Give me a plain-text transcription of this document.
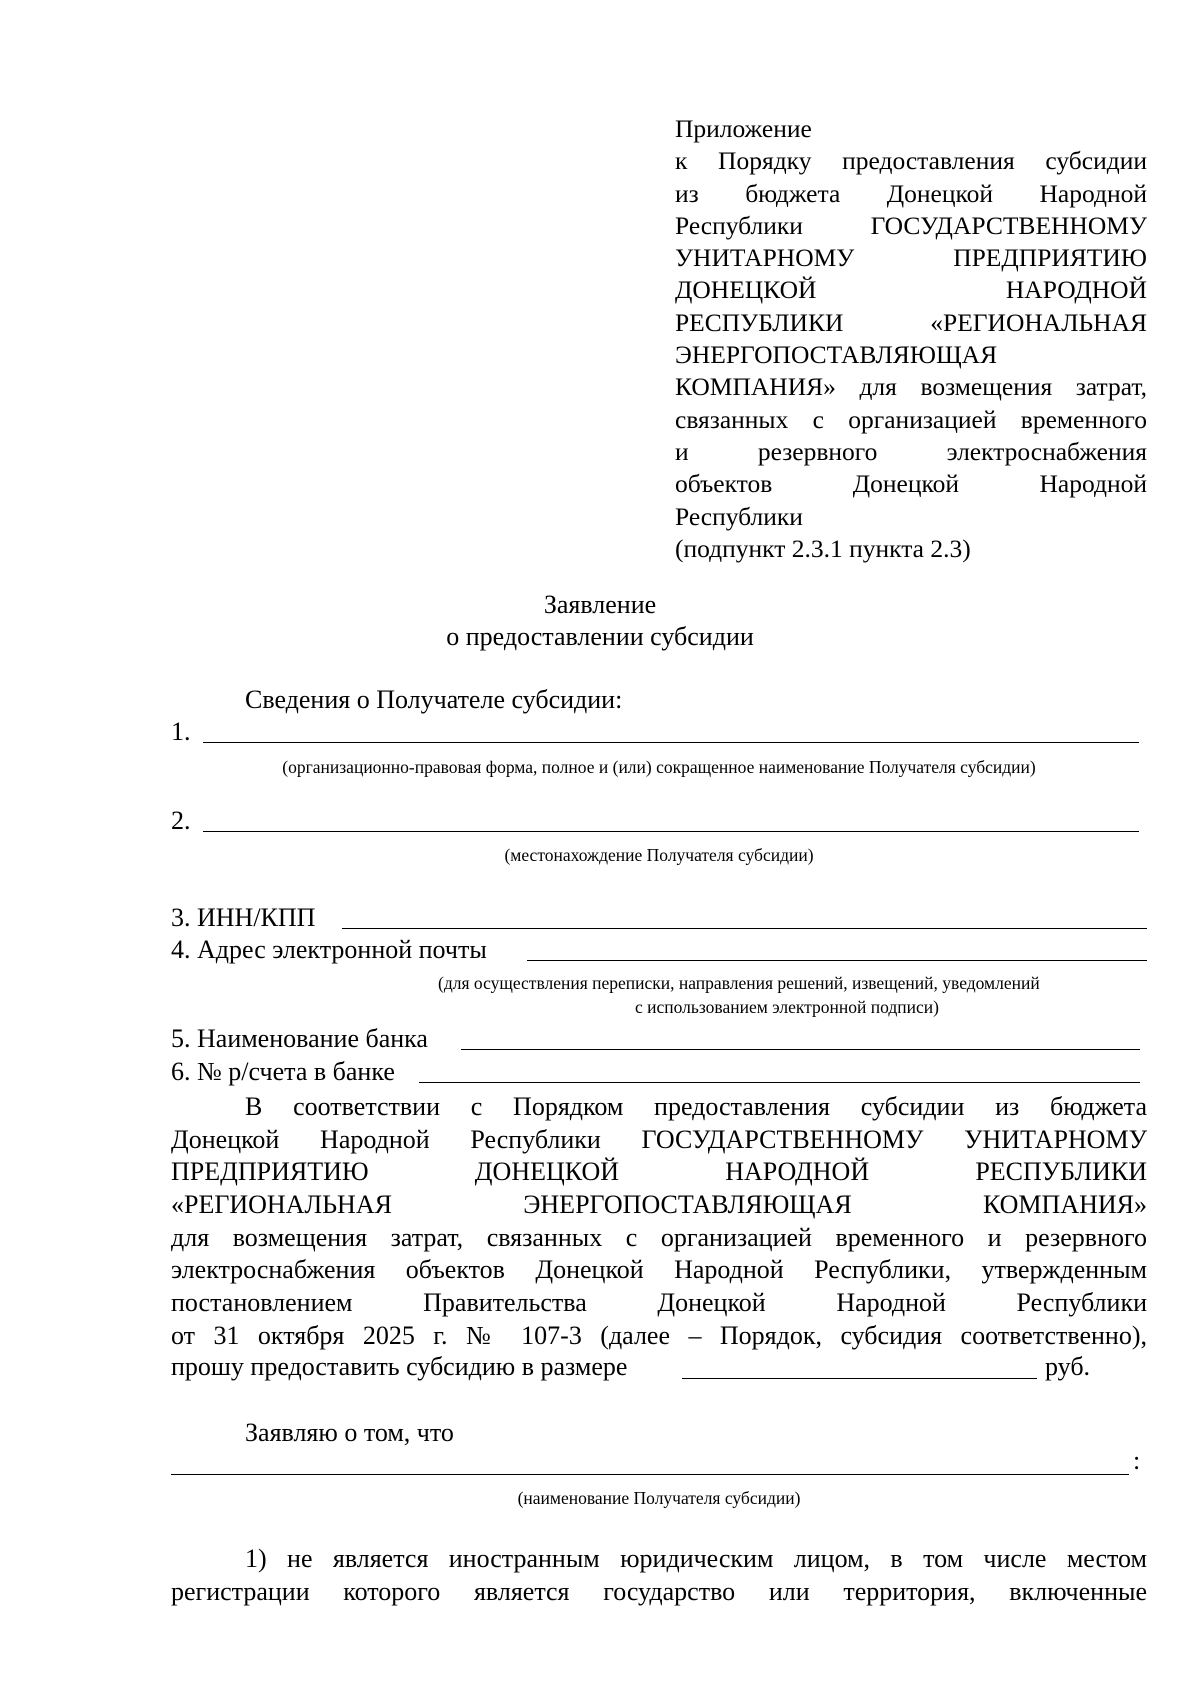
Приложение
к Порядку предоставления субсидии
из бюджета Донецкой Народной
Республики ГОСУДАРСТВЕННОМУ
УНИТАРНОМУ ПРЕДПРИЯТИЮ
ДОНЕЦКОЙ НАРОДНОЙ
РЕСПУБЛИКИ «РЕГИОНАЛЬНАЯ
ЭНЕРГОПОСТАВЛЯЮЩАЯ
КОМПАНИЯ» для возмещения затрат,
связанных с организацией временного
и резервного электроснабжения
объектов Донецкой Народной
Республики
(подпункт 2.3.1 пункта 2.3)
Заявление
о предоставлении субсидии
Сведения о Получателе субсидии:
1.
(организационно-правовая форма, полное и (или) сокращенное наименование Получателя субсидии)
2.
(местонахождение Получателя субсидии)
3. ИНН/КПП
4. Адрес электронной почты
(для осуществления переписки, направления решений, извещений, уведомлений
с использованием электронной подписи)
5. Наименование банка
6. № р/счета в банке
В соответствии с Порядком предоставления субсидии из бюджета
Донецкой Народной Республики ГОСУДАРСТВЕННОМУ УНИТАРНОМУ
ПРЕДПРИЯТИЮ ДОНЕЦКОЙ НАРОДНОЙ РЕСПУБЛИКИ
«РЕГИОНАЛЬНАЯ ЭНЕРГОПОСТАВЛЯЮЩАЯ КОМПАНИЯ»
для возмещения затрат, связанных с организацией временного и резервного
электроснабжения объектов Донецкой Народной Республики, утвержденным
постановлением Правительства Донецкой Народной Республики
от 31 октября 2025 г. № 107-3 (далее – Порядок, субсидия соответственно),
прошу предоставить субсидию в размере	руб.
Заявляю о том, что
:
(наименование Получателя субсидии)
1) не является иностранным юридическим лицом, в том числе местом
регистрации которого является государство или территория, включенные
